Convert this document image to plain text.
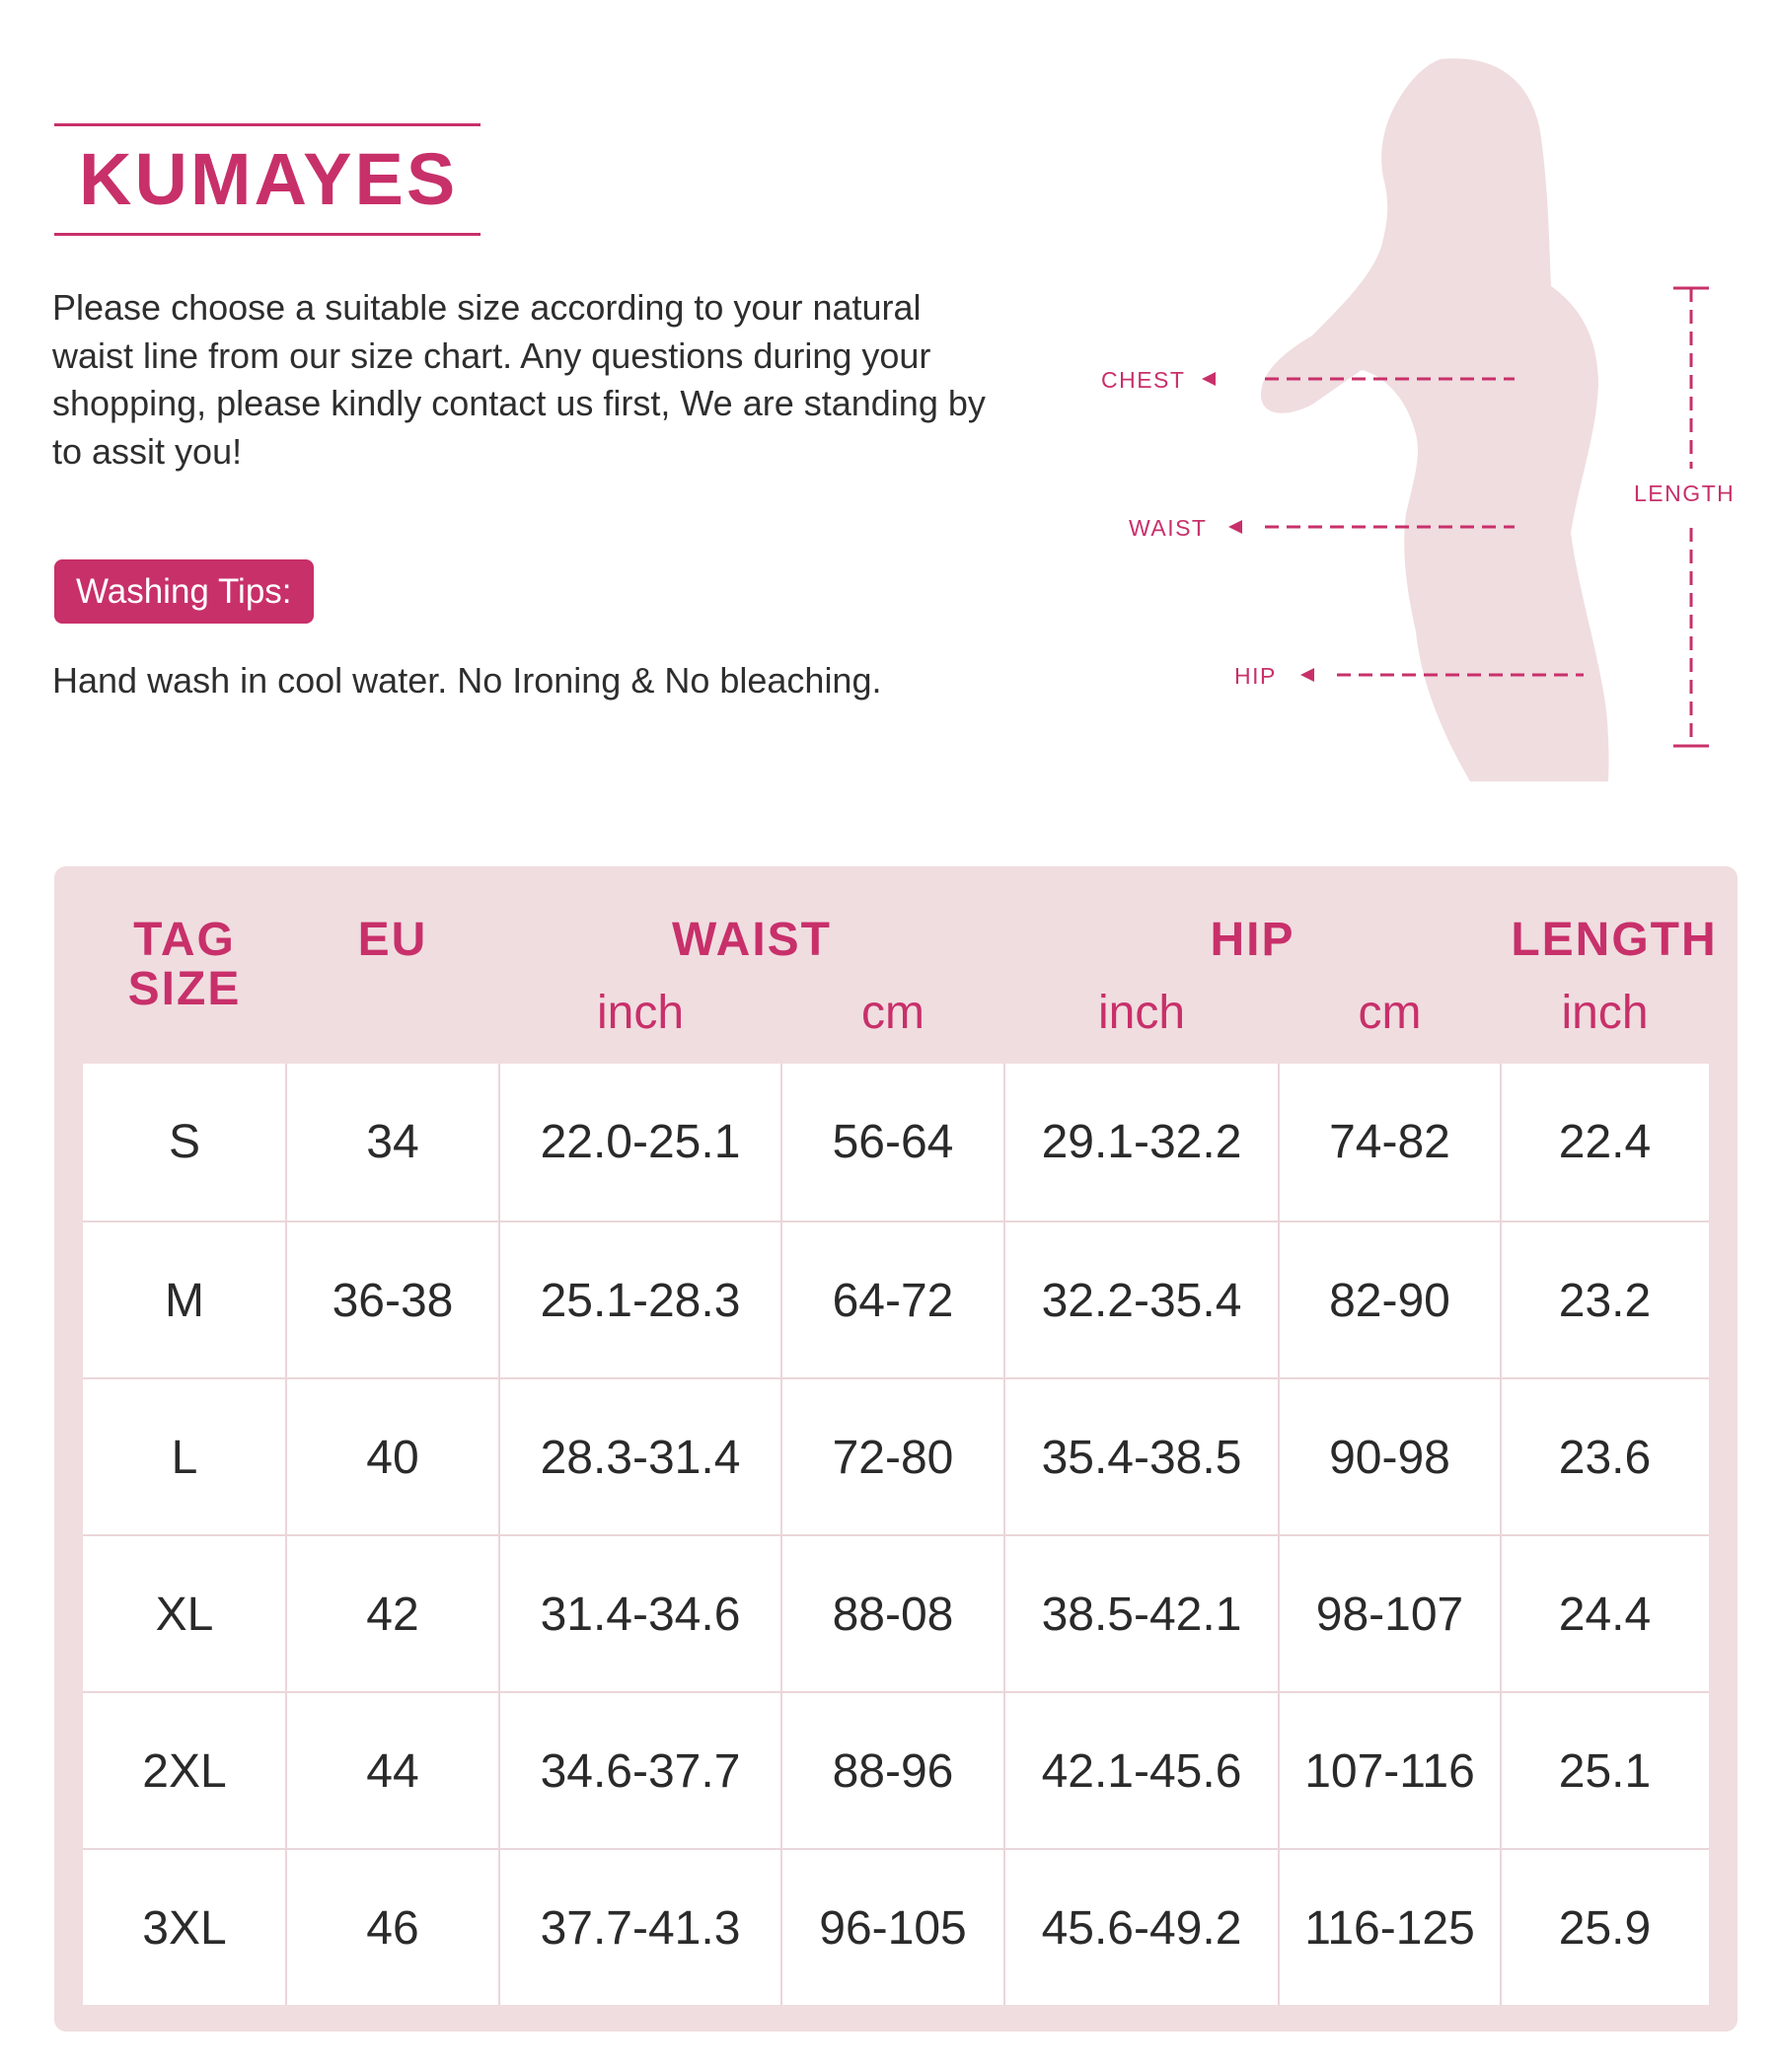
KUMAYES

Please choose a suitable size according to your natural waist line from our size chart. Any questions during your shopping, please kindly contact us first, We are standing by to assit you!

Washing Tips:

Hand wash in cool water. No Ironing & No bleaching.

CHEST
WAIST
HIP
LENGTH
TAG
SIZE
EU	WAIST	HIP	LENGTH
inch	cm	inch	cm	inch
S	34	22.0-25.1	56-64	29.1-32.2	74-82	22.4
M	36-38	25.1-28.3	64-72	32.2-35.4	82-90	23.2
L	40	28.3-31.4	72-80	35.4-38.5	90-98	23.6
XL	42	31.4-34.6	88-08	38.5-42.1	98-107	24.4
2XL	44	34.6-37.7	88-96	42.1-45.6	107-116	25.1
3XL	46	37.7-41.3	96-105	45.6-49.2	116-125	25.9
